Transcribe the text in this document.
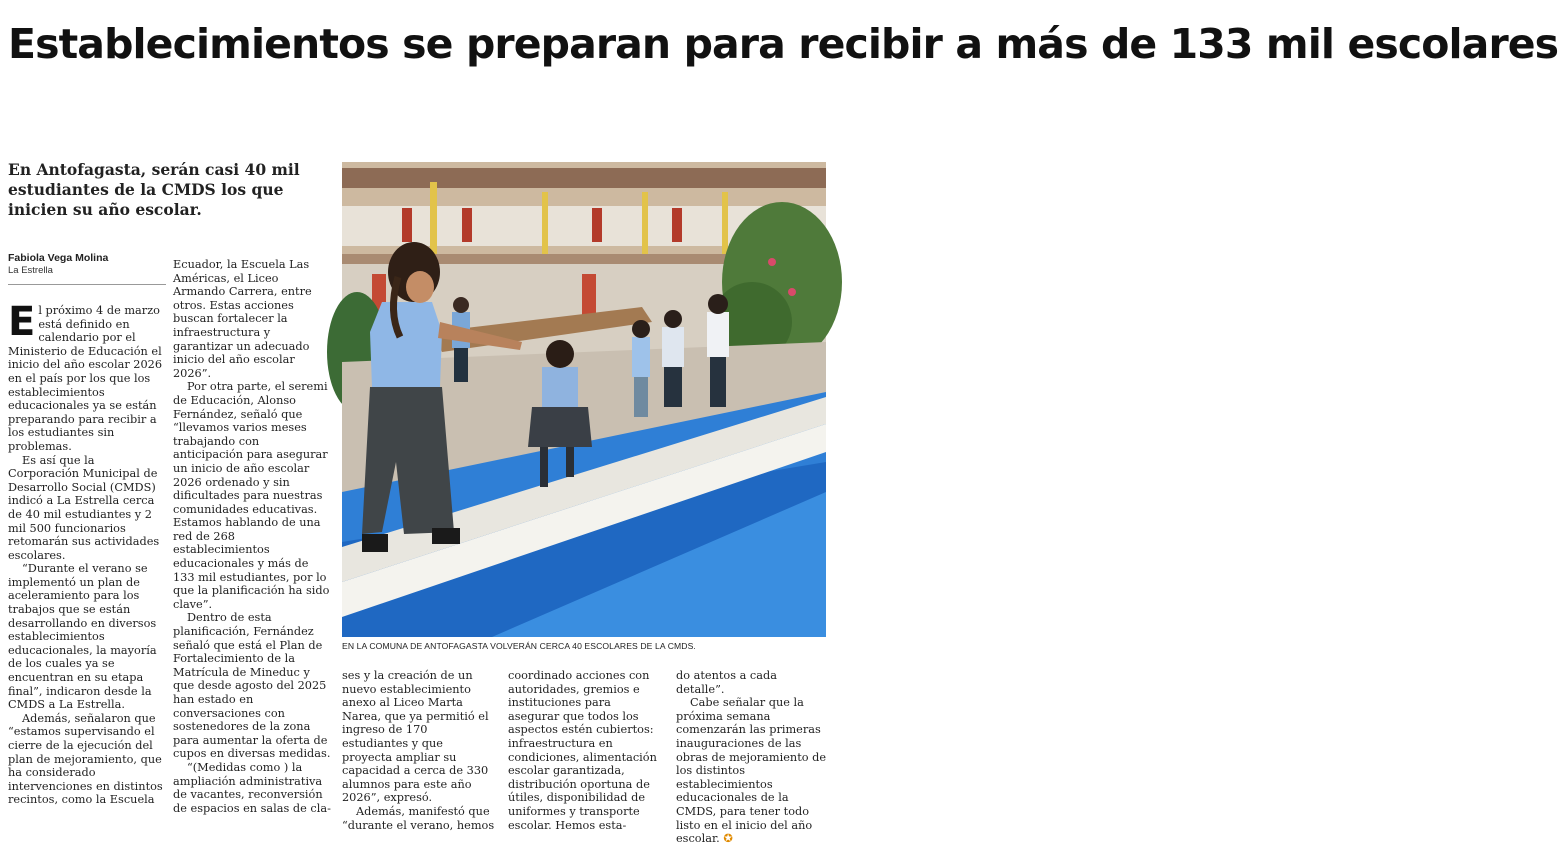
Establecimientos se preparan para recibir a más de 133 mil escolares

En Antofagasta, serán casi 40 mil estudiantes de la CMDS los que inicien su año escolar.

Fabiola Vega Molina
La Estrella
EN LA COMUNA DE ANTOFAGASTA VOLVERÁN CERCA 40 ESCOLARES DE LA CMDS.

El próximo 4 de marzo está definido en calendario por el Ministerio de Educación el inicio del año escolar 2026 en el país por los que los establecimientos educacionales ya se están preparando para recibir a los estudiantes sin problemas.

Es así que la Corporación Municipal de Desarrollo Social (CMDS) indicó a La Estrella cerca de 40 mil estudiantes y 2 mil 500 funcionarios retomarán sus actividades escolares.

“Durante el verano se implementó un plan de aceleramiento para los trabajos que se están desarrollando en diversos establecimientos educacionales, la mayoría de los cuales ya se encuentran en su etapa final”, indicaron desde la CMDS a La Estrella.

Además, señalaron que “estamos supervisando el cierre de la ejecución del plan de mejoramiento, que ha considerado intervenciones en distintos recintos, como la Escuela

Ecuador, la Escuela Las Américas, el Liceo Armando Carrera, entre otros. Estas acciones buscan fortalecer la infraestructura y garantizar un adecuado inicio del año escolar 2026”.

Por otra parte, el seremi de Educación, Alonso Fernández, señaló que “llevamos varios meses trabajando con anticipación para asegurar un inicio de año escolar 2026 ordenado y sin dificultades para nuestras comunidades educativas. Estamos hablando de una red de 268 establecimientos educacionales y más de 133 mil estudiantes, por lo que la planificación ha sido clave”.

Dentro de esta planificación, Fernández señaló que está el Plan de Fortalecimiento de la Matrícula de Mineduc y que desde agosto del 2025 han estado en conversaciones con sostenedores de la zona para aumentar la oferta de cupos en diversas medidas.

“(Medidas como ) la ampliación administrativa de vacantes, reconversión de espacios en salas de cla-

ses y la creación de un nuevo establecimiento anexo al Liceo Marta Narea, que ya permitió el ingreso de 170 estudiantes y que proyecta ampliar su capacidad a cerca de 330 alumnos para este año 2026”, expresó.

Además, manifestó que “durante el verano, hemos

coordinado acciones con autoridades, gremios e instituciones para asegurar que todos los aspectos estén cubiertos: infraestructura en condiciones, alimentación escolar garantizada, distribución oportuna de útiles, disponibilidad de uniformes y transporte escolar. Hemos esta-

do atentos a cada detalle”.

Cabe señalar que la próxima semana comenzarán las primeras inauguraciones de las obras de mejoramiento de los distintos establecimientos educacionales de la CMDS, para tener todo listo en el inicio del año escolar. ✪
